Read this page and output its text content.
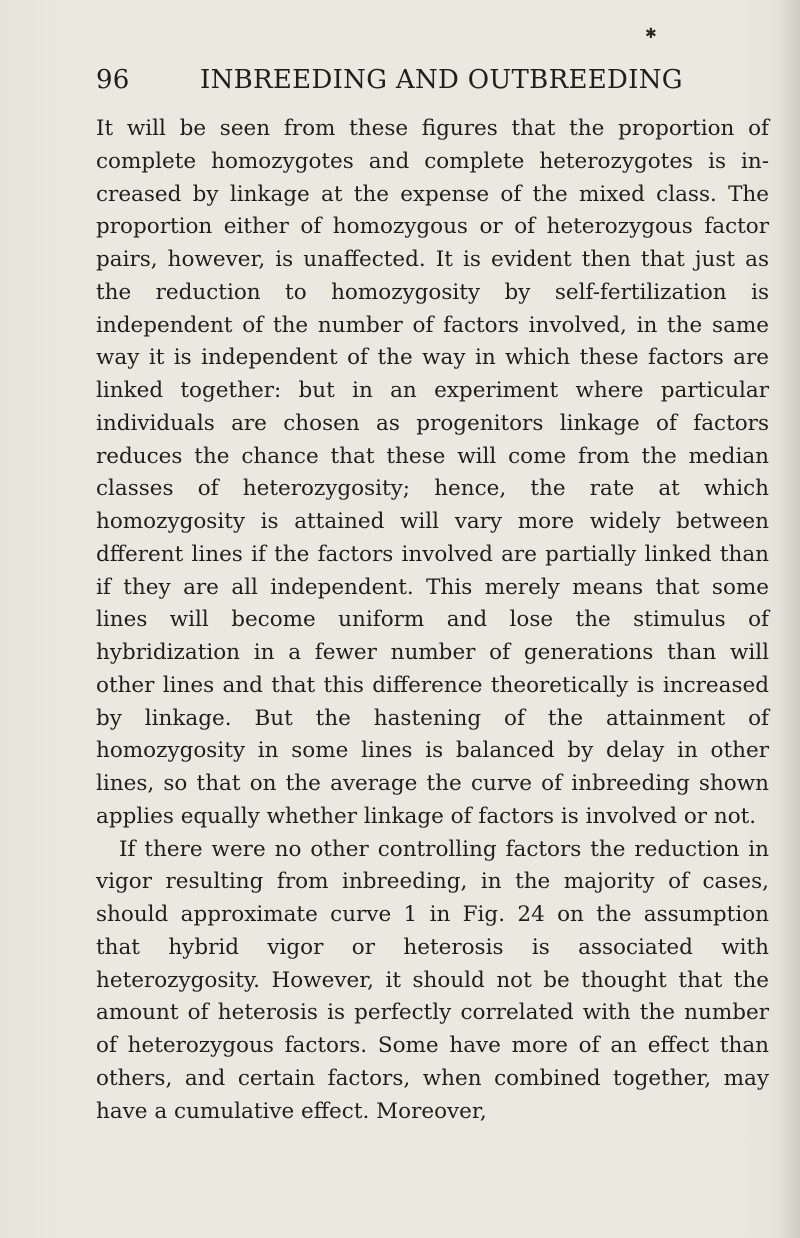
✱
96	INBREEDING AND OUTBREEDING

It will be seen from these figures that the proportion of complete homozygotes and complete heterozygotes is increased by linkage at the expense of the mixed class. The proportion either of homozygous or of heterozygous factor pairs, however, is unaffected. It is evident then that just as the reduction to homozygosity by self-fertilization is independent of the number of factors involved, in the same way it is independent of the way in which these factors are linked together: but in an experiment where particular individuals are chosen as progenitors linkage of factors reduces the chance that these will come from the median classes of heterozygosity; hence, the rate at which homozygosity is attained will vary more widely between dfferent lines if the factors involved are partially linked than if they are all independent. This merely means that some lines will become uniform and lose the stimulus of hybridization in a fewer number of generations than will other lines and that this difference theoretically is increased by linkage. But the hastening of the attainment of homozygosity in some lines is balanced by delay in other lines, so that on the average the curve of inbreeding shown applies equally whether linkage of factors is involved or not.

If there were no other controlling factors the reduction in vigor resulting from inbreeding, in the majority of cases, should approximate curve 1 in Fig. 24 on the assumption that hybrid vigor or heterosis is associated with heterozygosity. However, it should not be thought that the amount of heterosis is perfectly correlated with the number of heterozygous factors. Some have more of an effect than others, and certain factors, when combined together, may have a cumulative effect. Moreover,
